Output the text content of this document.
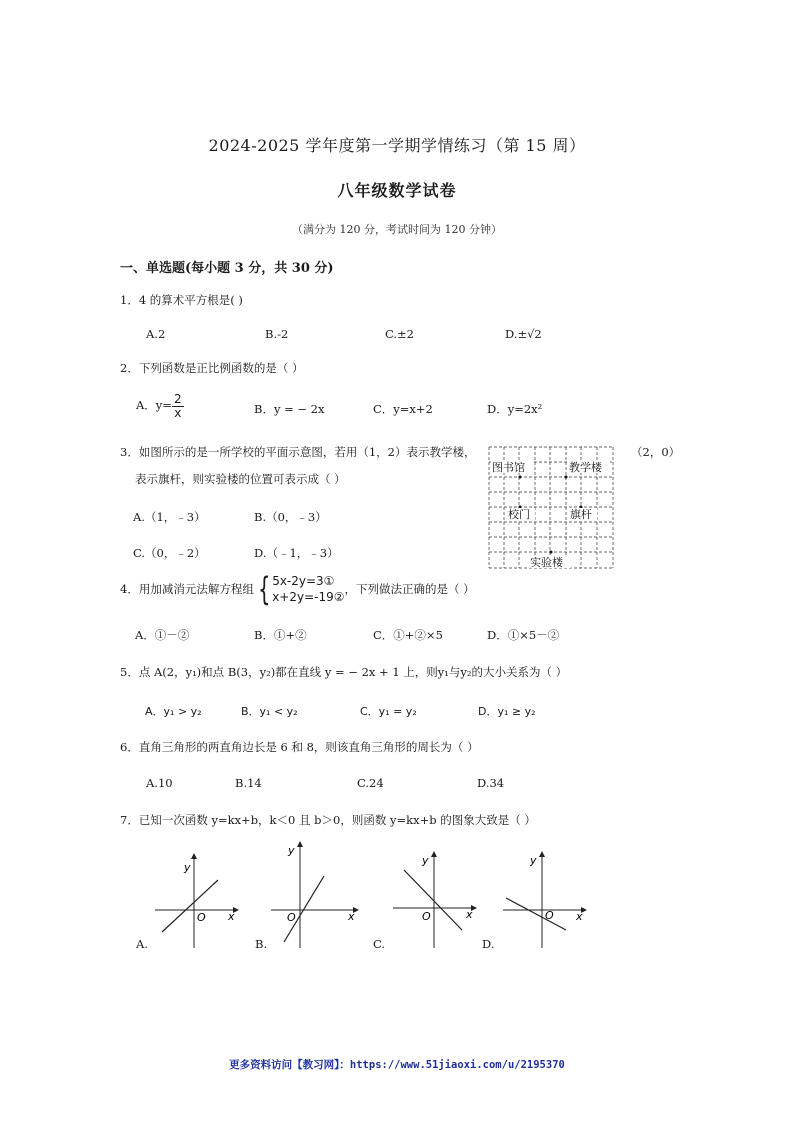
2024-2025 学年度第一学期学情练习（第 15 周）
八年级数学试卷
（满分为 120 分，考试时间为 120 分钟）
一、单选题(每小题 3 分，共 30 分)
1．4 的算术平方根是( )
A.2	B.-2	C.±2	D.±√2
2．下列函数是正比例函数的是（ ）
A．$y= \frac{2}{x}$	B．y = − 2x	C．y=x+2	D．y=2x²
3．如图所示的是一所学校的平面示意图，若用（1，2）表示教学楼，	（2，0）
表示旗杆，则实验楼的位置可表示成（ ）
A.（1，﹣3）	B.（0，﹣3）
C.（0，﹣2）	D.（﹣1，﹣3）
图书馆	教学楼
校门	旗杆
实验楼
4．用加减消元法解方程组 { 5x-2y=3①
x+2y=-19②
，下列做法正确的是（ ）
A．①－②	B．①+②	C．①+②×5	D．①×5－②
5．点 A(2，y₁)和点 B(3，y₂)都在直线 y = − 2x + 1 上，则y₁与y₂的大小关系为（ ）
A．y₁ > y₂	B．y₁ < y₂	C．y₁ = y₂	D．y₁ ≥ y₂
6．直角三角形的两直角边长是 6 和 8，则该直角三角形的周长为（ ）
A.10	B.14	C.24	D.34
7．已知一次函数 y=kx+b，k＜0 且 b＞0，则函数 y=kx+b 的图象大致是（ ）
y
x
O
A.
y
x
O
B.
y
x
O
C.
y
x
O
D.
更多资料访问【教习网】：https://www.51jiaoxi.com/u/2195370
